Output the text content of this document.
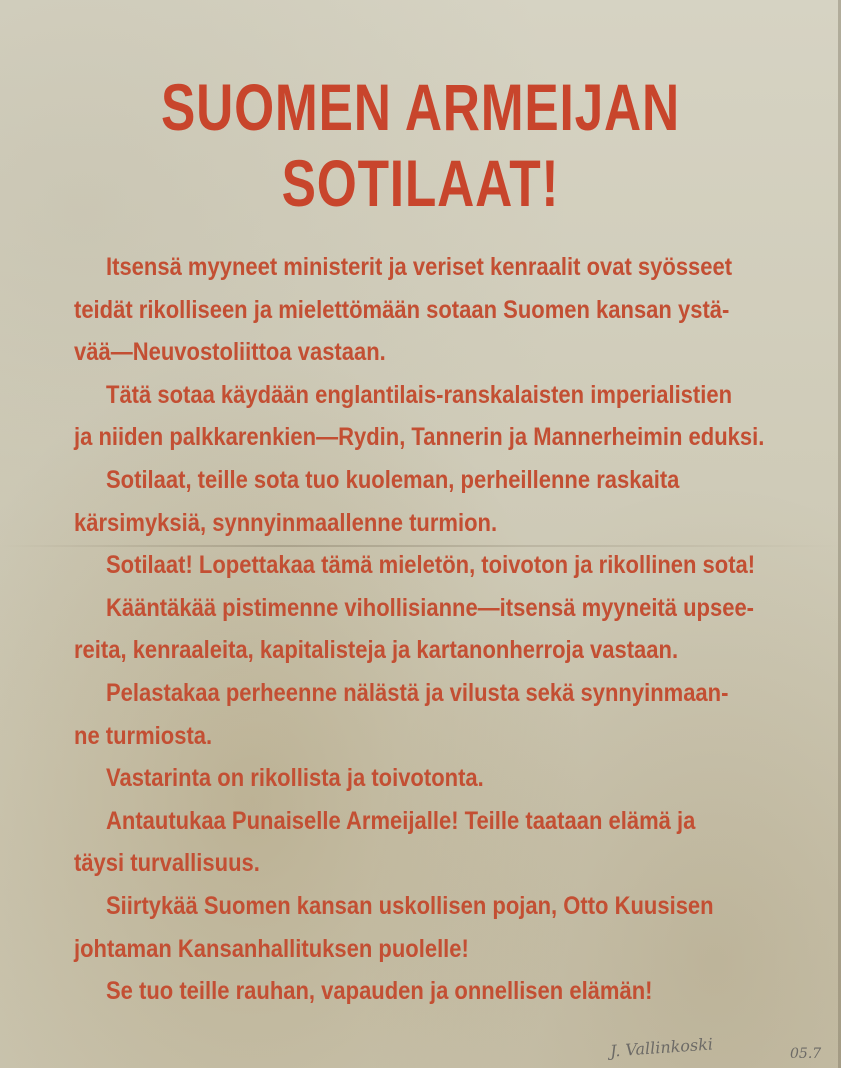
SUOMEN ARMEIJAN
SOTILAAT!
Itsensä myyneet ministerit ja veriset kenraalit ovat syösseet
teidät rikolliseen ja mielettömään sotaan Suomen kansan ystä-
vää—Neuvostoliittoa vastaan.
Tätä sotaa käydään englantilais-ranskalaisten imperialistien
ja niiden palkkarenkien—Rydin, Tannerin ja Mannerheimin eduksi.
Sotilaat, teille sota tuo kuoleman, perheillenne raskaita
kärsimyksiä, synnyinmaallenne turmion.
Sotilaat! Lopettakaa tämä mieletön, toivoton ja rikollinen sota!
Kääntäkää pistimenne vihollisianne—itsensä myyneitä upsee-
reita, kenraaleita, kapitalisteja ja kartanonherroja vastaan.
Pelastakaa perheenne nälästä ja vilusta sekä synnyinmaan-
ne turmiosta.
Vastarinta on rikollista ja toivotonta.
Antautukaa Punaiselle Armeijalle! Teille taataan elämä ja
täysi turvallisuus.
Siirtykää Suomen kansan uskollisen pojan, Otto Kuusisen
johtaman Kansanhallituksen puolelle!
Se tuo teille rauhan, vapauden ja onnellisen elämän!
J. Vallinkoski	05.7
